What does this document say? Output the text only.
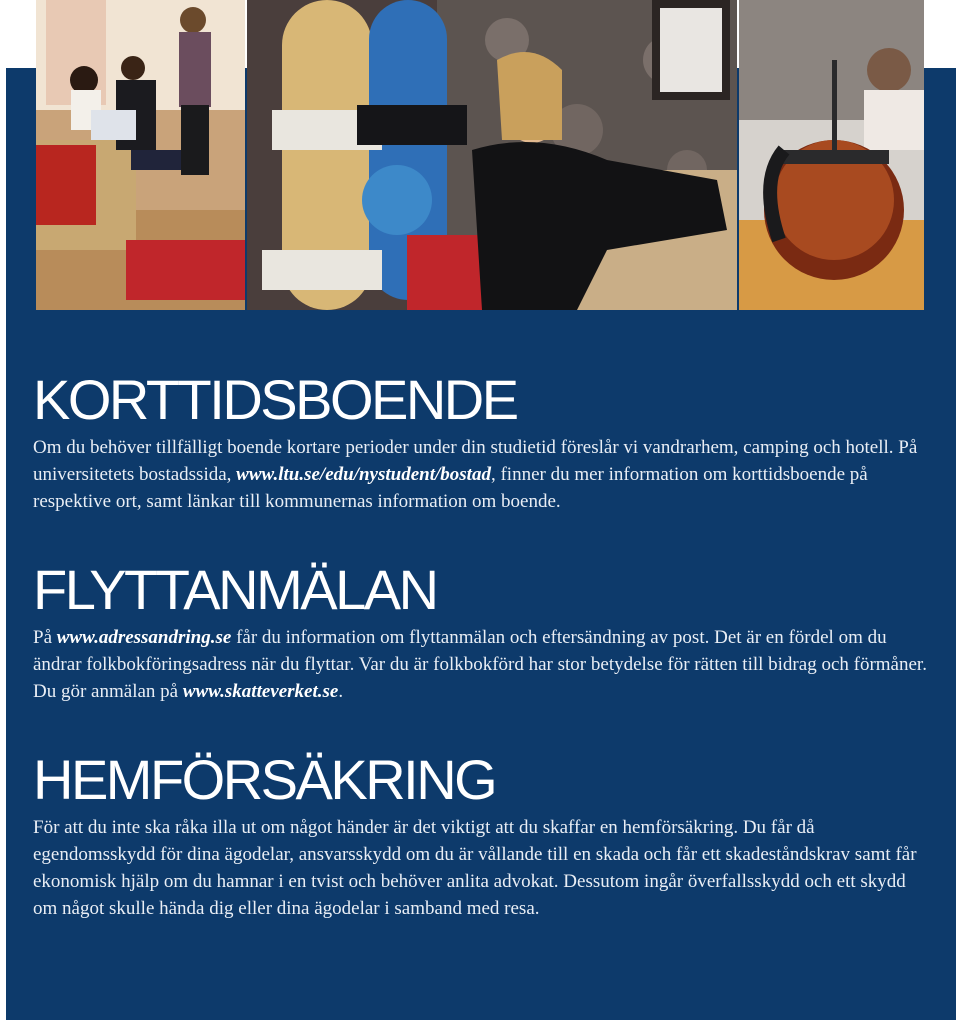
KORTTIDSBOENDE

Om du behöver tillfälligt boende kortare perioder under din studietid föreslår vi vandrarhem, camping och hotell. På universitetets bostadssida, www.ltu.se/edu/nystudent/bostad, finner du mer information om korttidsboende på respektive ort, samt länkar till kommunernas information om boende.

FLYTTANMÄLAN

På www.adressandring.se får du information om flyttanmälan och eftersändning av post. Det är en fördel om du ändrar folkbokföringsadress när du flyttar. Var du är folkbokförd har stor betydelse för rätten till bidrag och förmåner. Du gör anmälan på www.skatteverket.se.

HEMFÖRSÄKRING

För att du inte ska råka illa ut om något händer är det viktigt att du skaffar en hemförsäkring. Du får då egendomsskydd för dina ägodelar, ansvarsskydd om du är vållande till en skada och får ett skadeståndskrav samt får ekonomisk hjälp om du hamnar i en tvist och behöver anlita advokat. Dessutom ingår överfallsskydd och ett skydd om något skulle hända dig eller dina ägodelar i samband med resa.
